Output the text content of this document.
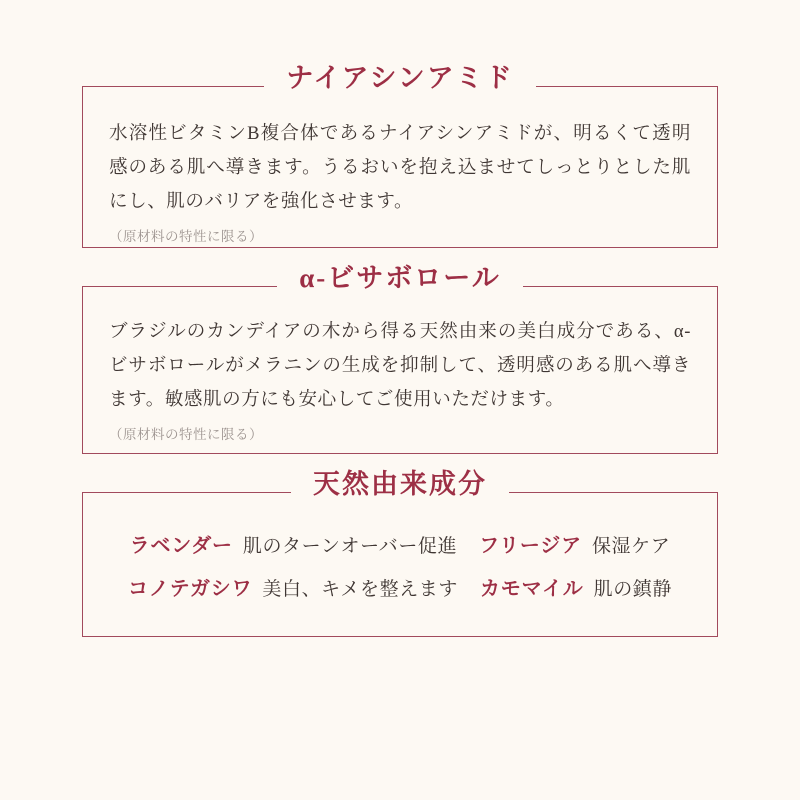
ナイアシンアミド

水溶性ビタミンB複合体であるナイアシンアミドが、明るくて透明感のある肌へ導きます。うるおいを抱え込ませてしっとりとした肌にし、肌のバリアを強化させます。

（原材料の特性に限る）

α-ビサボロール

ブラジルのカンデイアの木から得る天然由来の美白成分である、α-ビサボロールがメラニンの生成を抑制して、透明感のある肌へ導きます。敏感肌の方にも安心してご使用いただけます。

（原材料の特性に限る）

天然由来成分
ラベンダー 肌のターンオーバー促進 フリージア 保湿ケア
コノテガシワ 美白、キメを整えます カモマイル 肌の鎮静
